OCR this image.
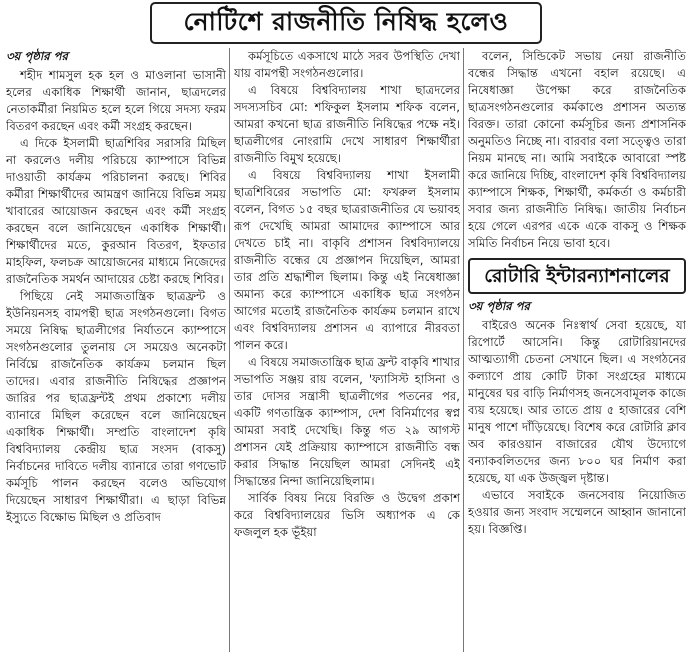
নোটিশে রাজনীতি নিষিদ্ধ হলেও
৩য় পৃষ্ঠার পর

শহীদ শামসুল হক হল ও মাওলানা ভাসানী হলের একাধিক শিক্ষার্থী জানান, ছাত্রদলের নেতাকর্মীরা নিয়মিত হলে হলে গিয়ে সদস্য ফরম বিতরণ করছেন এবং কর্মী সংগ্রহ করছেন।

এ দিকে ইসলামী ছাত্রশিবির সরাসরি মিছিল না করলেও দলীয় পরিচয়ে ক্যাম্পাসে বিভিন্ন দাওয়াতী কার্যক্রম পরিচালনা করছে। শিবির কর্মীরা শিক্ষার্থীদের আমন্ত্রণ জানিয়ে বিভিন্ন সময় খাবারের আয়োজন করছেন এবং কর্মী সংগ্রহ করছেন বলে জানিয়েছেন একাধিক শিক্ষার্থী। শিক্ষার্থীদের মতে, কুরআন বিতরণ, ইফতার মাহফিল, ফলচক্র আয়োজনের মাধ্যমে নিজেদের রাজনৈতিক সমর্থন আদায়ের চেষ্টা করছে শিবির।

পিছিয়ে নেই সমাজতান্ত্রিক ছাত্রফ্রন্ট ও ইউনিয়নসহ বামপন্থী ছাত্র সংগঠনগুলো। বিগত সময়ে নিষিদ্ধ ছাত্রলীগের নির্যাতনে ক্যাম্পাসে সংগঠনগুলোর তুলনায় সে সময়েও অনেকটা নির্বিঘ্নে রাজনৈতিক কার্যক্রম চলমান ছিল তাদের। এবার রাজনীতি নিষিদ্ধের প্রজ্ঞাপন জারির পর ছাত্রফ্রন্টই প্রথম প্রকাশ্যে দলীয় ব্যানারে মিছিল করেছেন বলে জানিয়েছেন একাধিক শিক্ষার্থী। সম্প্রতি বাংলাদেশ কৃষি বিশ্ববিদ্যালয় কেন্দ্রীয় ছাত্র সংসদ (বাকসু) নির্বাচনের দাবিতে দলীয় ব্যানারে তারা গণভোট কর্মসূচি পালন করছেন বলেও অভিযোগ দিয়েছেন সাধারণ শিক্ষার্থীরা। এ ছাড়া বিভিন্ন ইস্যুতে বিক্ষোভ মিছিল ও প্রতিবাদ

কর্মসূচিতে একসাথে মাঠে সরব উপস্থিতি দেখা যায় বামপন্থী সংগঠনগুলোর।

এ বিষয়ে বিশ্ববিদ্যালয় শাখা ছাত্রদলের সদস্যসচিব মো: শফিকুল ইসলাম শফিক বলেন, আমরা কখনো ছাত্র রাজনীতি নিষিদ্ধের পক্ষে নই। ছাত্রলীগের নোংরামি দেখে সাধারণ শিক্ষার্থীরা রাজনীতি বিমুখ হয়েছে।

এ বিষয়ে বিশ্ববিদ্যালয় শাখা ইসলামী ছাত্রশিবিরের সভাপতি মো: ফখরুল ইসলাম বলেন, বিগত ১৫ বছর ছাত্ররাজনীতির যে ভয়াবহ রূপ দেখেছি আমরা আমাদের ক্যাম্পাসে আর দেখতে চাই না। বাকৃবি প্রশাসন বিশ্ববিদ্যালয়ে রাজনীতি বন্ধের যে প্রজ্ঞাপন দিয়েছিল, আমরা তার প্রতি শ্রদ্ধাশীল ছিলাম। কিন্তু এই নিষেধাজ্ঞা অমান্য করে ক্যাম্পাসে একাধিক ছাত্র সংগঠন আগের মতোই রাজনৈতিক কার্যক্রম চলমান রাখে এবং বিশ্ববিদ্যালয় প্রশাসন এ ব্যাপারে নীরবতা পালন করে।

এ বিষয়ে সমাজতান্ত্রিক ছাত্র ফ্রন্ট বাকৃবি শাখার সভাপতি সঞ্জয় রায় বলেন, 'ফ্যাসিস্ট হাসিনা ও তার দোসর সন্ত্রাসী ছাত্রলীগের পতনের পর, একটি গণতান্ত্রিক ক্যাম্পাস, দেশ বিনির্মাণের স্বপ্ন আমরা সবাই দেখেছি। কিন্তু গত ২৯ আগস্ট প্রশাসন যেই প্রক্রিয়ায় ক্যাম্পাসে রাজনীতি বন্ধ করার সিদ্ধান্ত নিয়েছিল আমরা সেদিনই এই সিদ্ধান্তের নিন্দা জানিয়েছিলাম।

সার্বিক বিষয় নিয়ে বিরক্তি ও উদ্বেগ প্রকাশ করে বিশ্ববিদ্যালয়ের ভিসি অধ্যাপক এ কে ফজলুল হক ভূঁইয়া

বলেন, সিন্ডিকেট সভায় নেয়া রাজনীতি বন্ধের সিদ্ধান্ত এখনো বহাল রয়েছে। এ নিষেধাজ্ঞা উপেক্ষা করে রাজনৈতিক ছাত্রসংগঠনগুলোর কর্মকাণ্ডে প্রশাসন অত্যন্ত বিরক্ত। তারা কোনো কর্মসূচির জন্য প্রশাসনিক অনুমতিও নিচ্ছে না। বারবার বলা সত্ত্বেও তারা নিয়ম মানছে না। আমি সবাইকে আবারো স্পষ্ট করে জানিয়ে দিচ্ছি, বাংলাদেশ কৃষি বিশ্ববিদ্যালয় ক্যাম্পাসে শিক্ষক, শিক্ষার্থী, কর্মকর্তা ও কর্মচারী সবার জন্য রাজনীতি নিষিদ্ধ। জাতীয় নির্বাচন হয়ে গেলে এরপর একে একে বাকসু ও শিক্ষক সমিতি নির্বাচন নিয়ে ভাবা হবে।

রোটারি ইন্টারন্যাশনালের
৩য় পৃষ্ঠার পর

বাইরেও অনেক নিঃস্বার্থ সেবা হয়েছে, যা রিপোর্টে আসেনি। কিন্তু রোটারিয়ানদের আত্মত্যাগী চেতনা সেখানে ছিল। এ সংগঠনের কল্যাণে প্রায় কোটি টাকা সংগ্রহের মাধ্যমে মানুষের ঘর বাড়ি নির্মাণসহ জনসেবামূলক কাজে ব্যয় হয়েছে। আর তাতে প্রায় ৫ হাজারের বেশি মানুষ পাশে দাঁড়িয়েছে। বিশেষ করে রোটারি ক্লাব অব কারওয়ান বাজারের যৌথ উদ্যোগে বন্যাকবলিতদের জন্য ৮০০ ঘর নির্মাণ করা হয়েছে, যা এক উজ্জ্বল দৃষ্টান্ত।

এভাবে সবাইকে জনসেবায় নিয়োজিত হওয়ার জন্য সংবাদ সম্মেলনে আহ্বান জানানো হয়। বিজ্ঞপ্তি।
